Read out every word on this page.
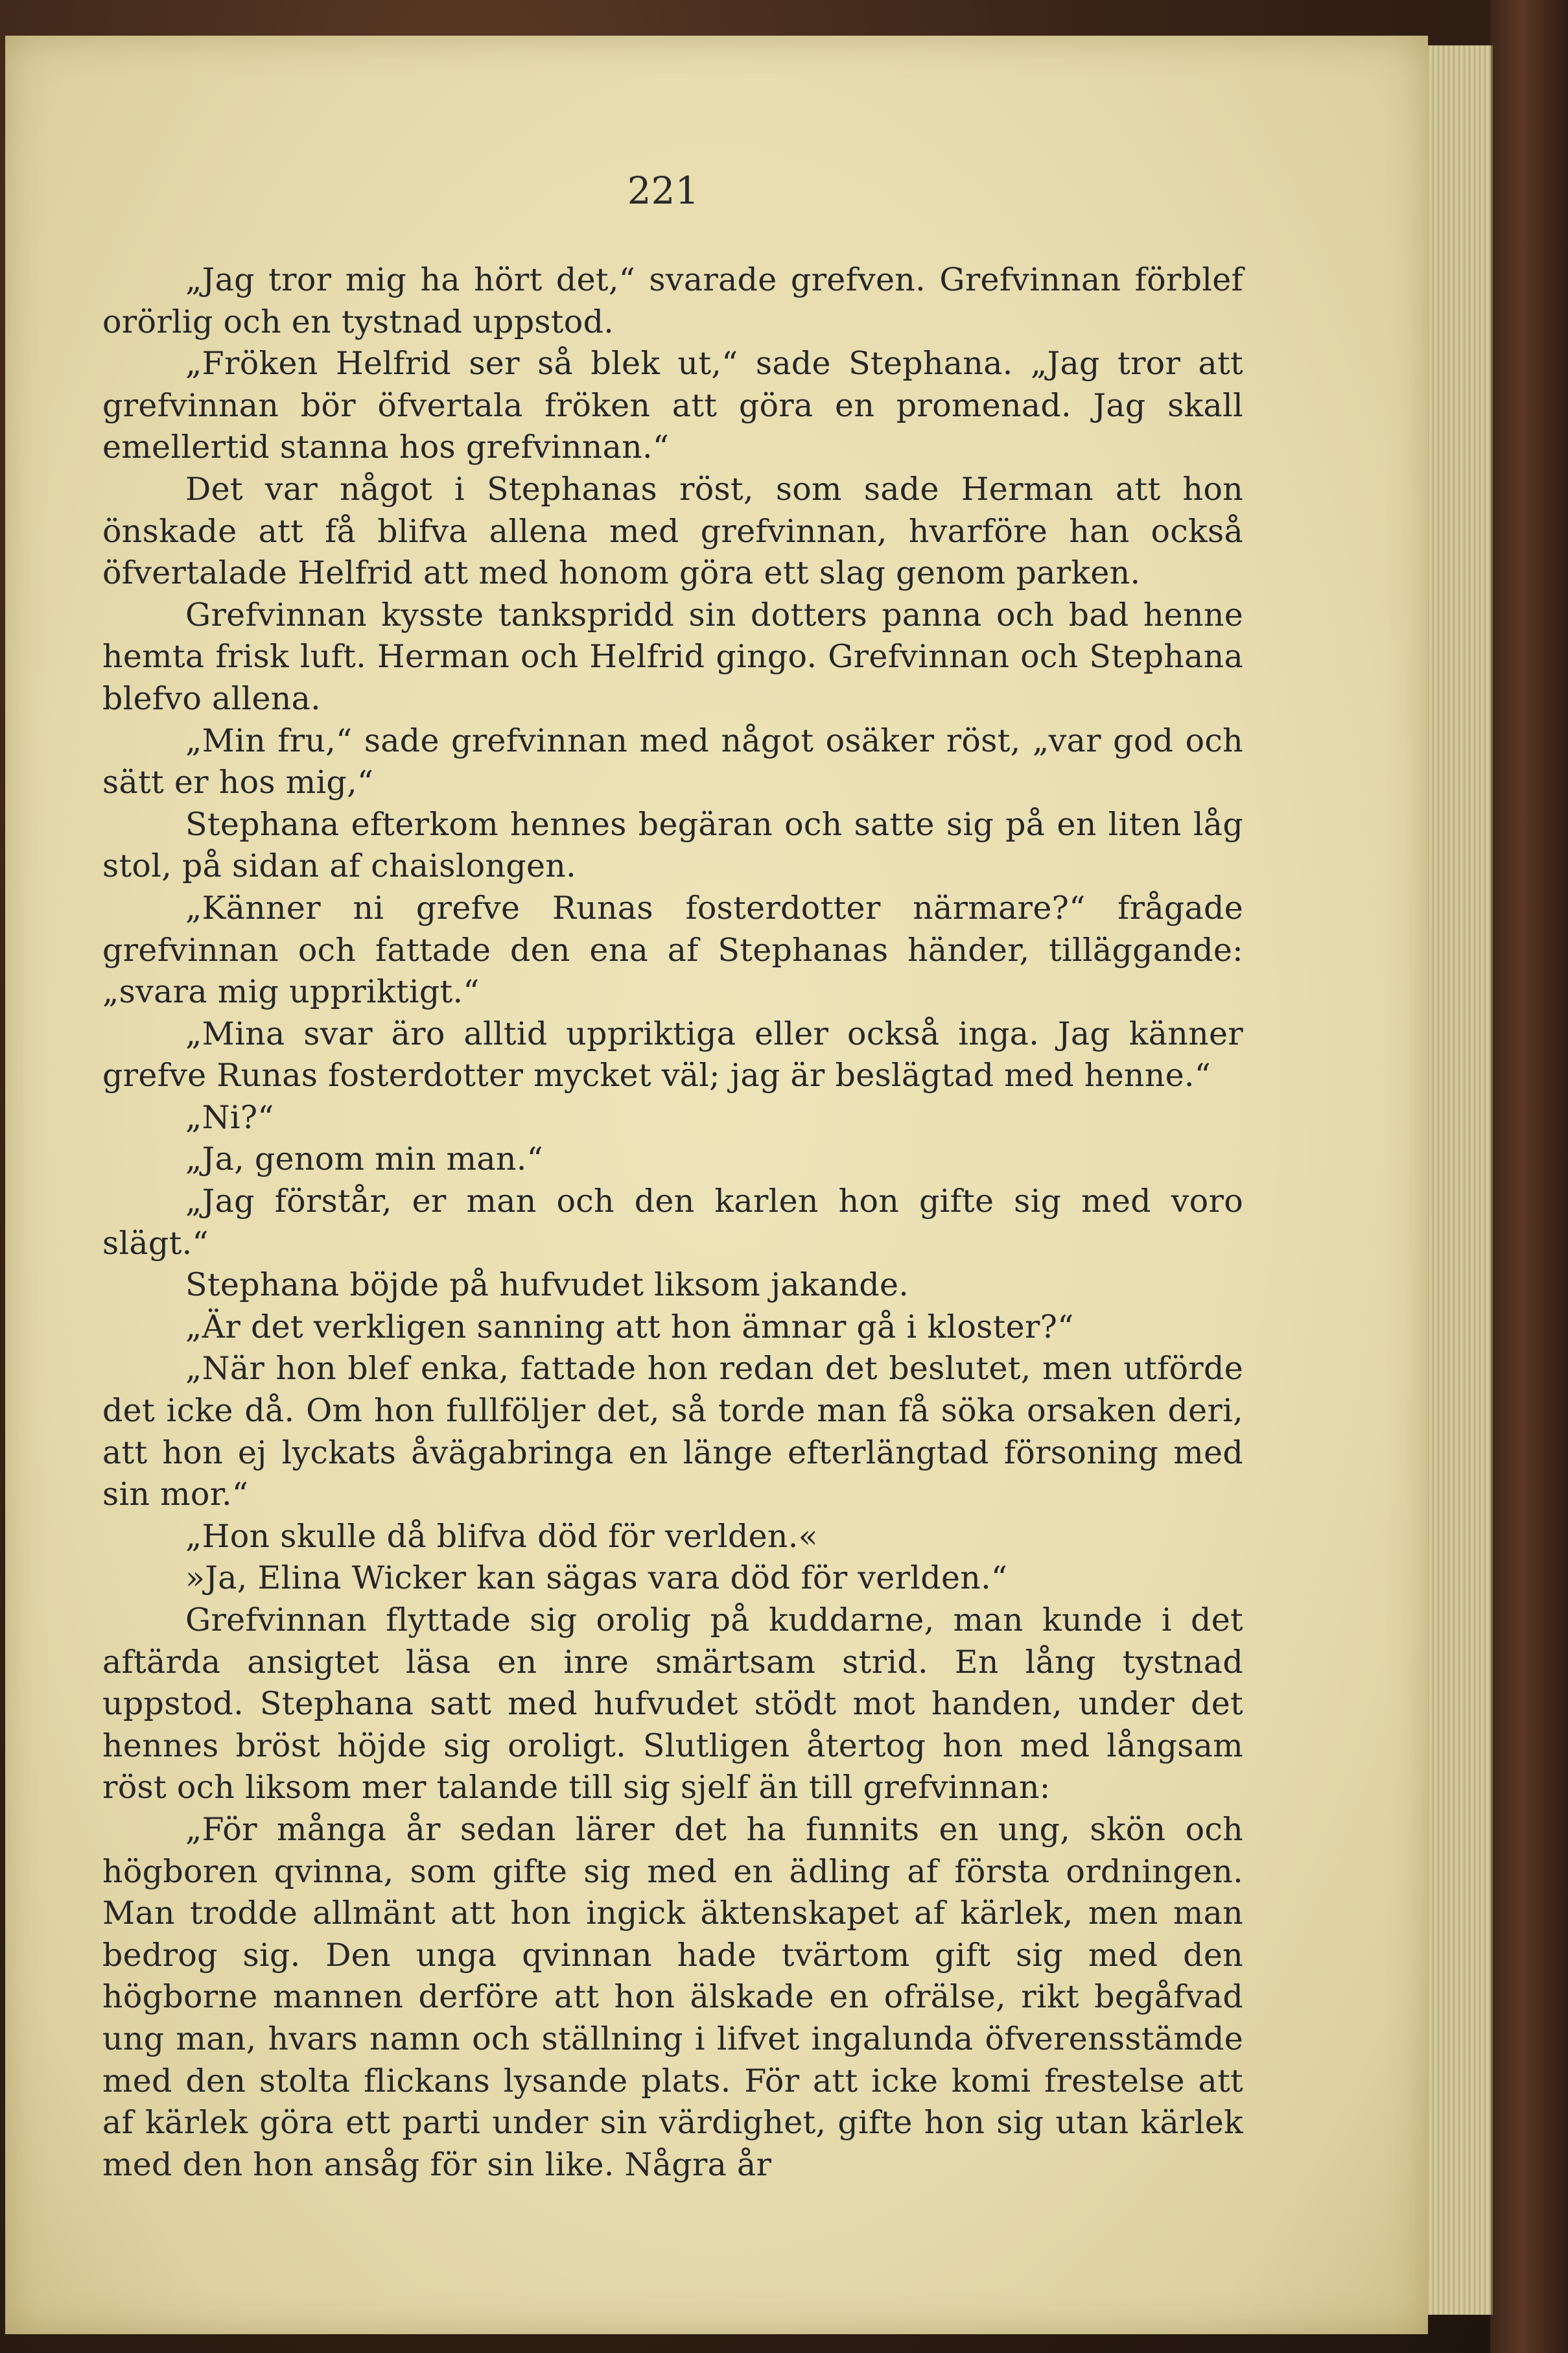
221

„Jag tror mig ha hört det,“ svarade grefven. Grefvinnan förblef orörlig och en tystnad uppstod.

„Fröken Helfrid ser så blek ut,“ sade Stephana. „Jag tror att grefvinnan bör öfvertala fröken att göra en promenad. Jag skall emellertid stanna hos grefvinnan.“

Det var något i Stephanas röst, som sade Herman att hon önskade att få blifva allena med grefvinnan, hvarföre han också öfvertalade Helfrid att med honom göra ett slag genom parken.

Grefvinnan kysste tankspridd sin dotters panna och bad henne hemta frisk luft. Herman och Helfrid gingo. Grefvinnan och Stephana blefvo allena.

„Min fru,“ sade grefvinnan med något osäker röst, „var god och sätt er hos mig,“

Stephana efterkom hennes begäran och satte sig på en liten låg stol, på sidan af chaislongen.

„Känner ni grefve Runas fosterdotter närmare?“ frågade grefvinnan och fattade den ena af Stephanas händer, tilläggande: „svara mig uppriktigt.“

„Mina svar äro alltid uppriktiga eller också inga. Jag känner grefve Runas fosterdotter mycket väl; jag är beslägtad med henne.“

„Ni?“

„Ja, genom min man.“

„Jag förstår, er man och den karlen hon gifte sig med voro slägt.“

Stephana böjde på hufvudet liksom jakande.

„Är det verkligen sanning att hon ämnar gå i kloster?“

„När hon blef enka, fattade hon redan det beslutet, men utförde det icke då. Om hon fullföljer det, så torde man få söka orsaken deri, att hon ej lyckats åvägabringa en länge efterlängtad försoning med sin mor.“

„Hon skulle då blifva död för verlden.«

»Ja, Elina Wicker kan sägas vara död för verlden.“

Grefvinnan flyttade sig orolig på kuddarne, man kunde i det aftärda ansigtet läsa en inre smärtsam strid. En lång tystnad uppstod. Stephana satt med hufvudet stödt mot handen, under det hennes bröst höjde sig oroligt. Slutligen återtog hon med långsam röst och liksom mer talande till sig sjelf än till grefvinnan:

„För många år sedan lärer det ha funnits en ung, skön och högboren qvinna, som gifte sig med en ädling af första ordningen. Man trodde allmänt att hon ingick äktenskapet af kärlek, men man bedrog sig. Den unga qvinnan hade tvärtom gift sig med den högborne mannen derföre att hon älskade en ofrälse, rikt begåfvad ung man, hvars namn och ställning i lifvet ingalunda öfverensstämde med den stolta flickans lysande plats. För att icke komi frestelse att af kärlek göra ett parti under sin värdighet, gifte hon sig utan kärlek med den hon ansåg för sin like. Några år
